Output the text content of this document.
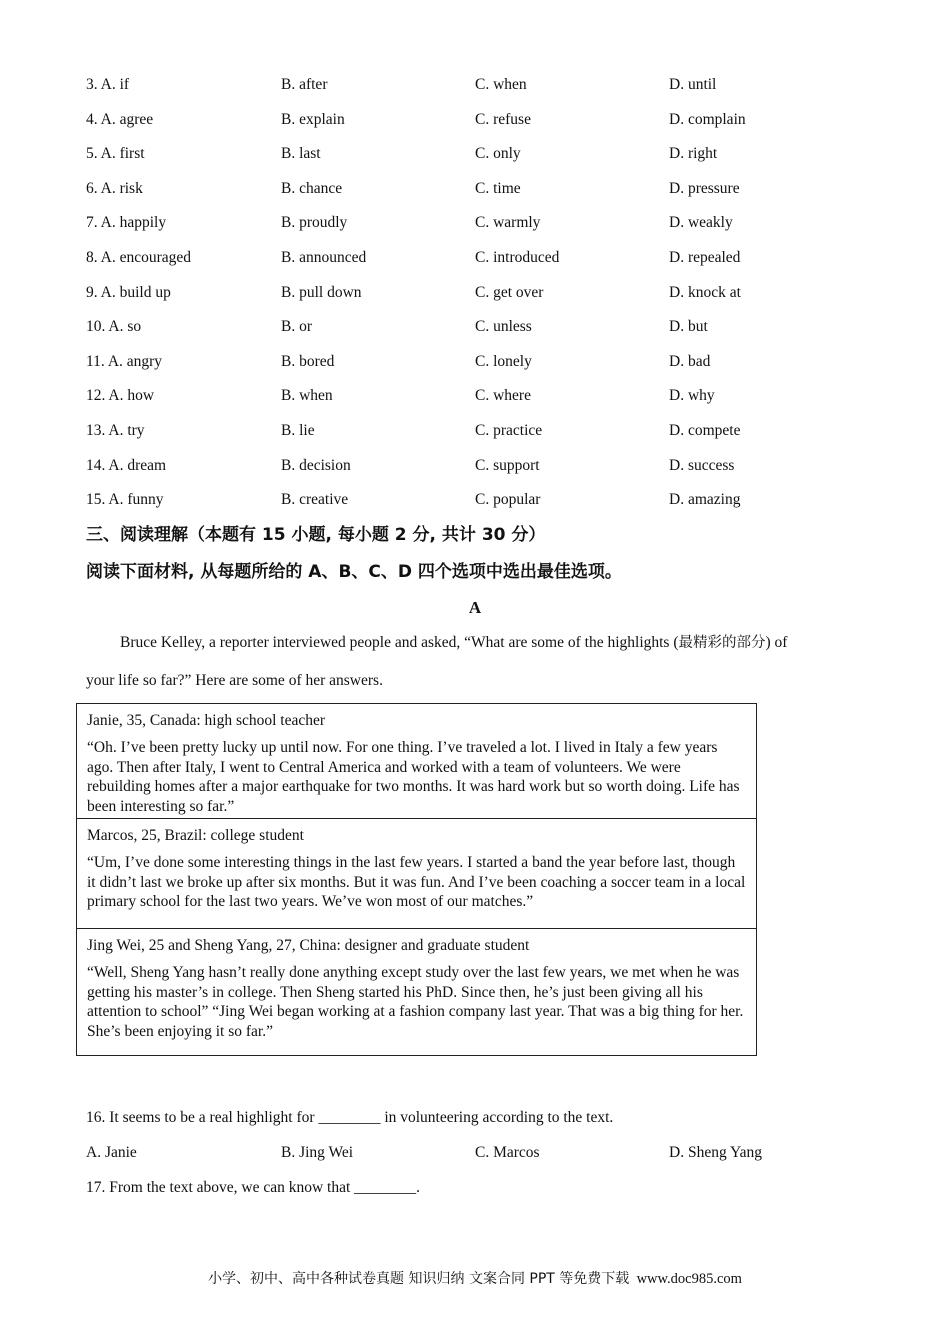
3. A. if	B. after	C. when	D. until
4. A. agree	B. explain	C. refuse	D. complain
5. A. first	B. last	C. only	D. right
6. A. risk	B. chance	C. time	D. pressure
7. A. happily	B. proudly	C. warmly	D. weakly
8. A. encouraged	B. announced	C. introduced	D. repealed
9. A. build up	B. pull down	C. get over	D. knock at
10. A. so	B. or	C. unless	D. but
11. A. angry	B. bored	C. lonely	D. bad
12. A. how	B. when	C. where	D. why
13. A. try	B. lie	C. practice	D. compete
14. A. dream	B. decision	C. support	D. success
15. A. funny	B. creative	C. popular	D. amazing
三、阅读理解（本题有 15 小题, 每小题 2 分, 共计 30 分）
阅读下面材料, 从每题所给的 A、B、C、D 四个选项中选出最佳选项。
A
Bruce Kelley, a reporter interviewed people and asked, “What are some of the highlights (最精彩的部分) of
your life so far?” Here are some of her answers.
Janie, 35, Canada: high school teacher
“Oh. I’ve been pretty lucky up until now. For one thing. I’ve traveled a lot. I lived in Italy a few years ago. Then after Italy, I went to Central America and worked with a team of volunteers. We were rebuilding homes after a major earthquake for two months. It was hard work but so worth doing. Life has been interesting so far.”
Marcos, 25, Brazil: college student
“Um, I’ve done some interesting things in the last few years. I started a band the year before last, though it didn’t last we broke up after six months. But it was fun. And I’ve been coaching a soccer team in a local primary school for the last two years. We’ve won most of our matches.”
Jing Wei, 25 and Sheng Yang, 27, China: designer and graduate student
“Well, Sheng Yang hasn’t really done anything except study over the last few years, we met when he was getting his master’s in college. Then Sheng started his PhD. Since then, he’s just been giving all his attention to school” “Jing Wei began working at a fashion company last year. That was a big thing for her. She’s been enjoying it so far.”
16. It seems to be a real highlight for ________ in volunteering according to the text.
A. Janie	B. Jing Wei	C. Marcos	D. Sheng Yang
17. From the text above, we can know that ________.
小学、初中、高中各种试卷真题 知识归纳 文案合同 PPT 等免费下载 www.doc985.com
